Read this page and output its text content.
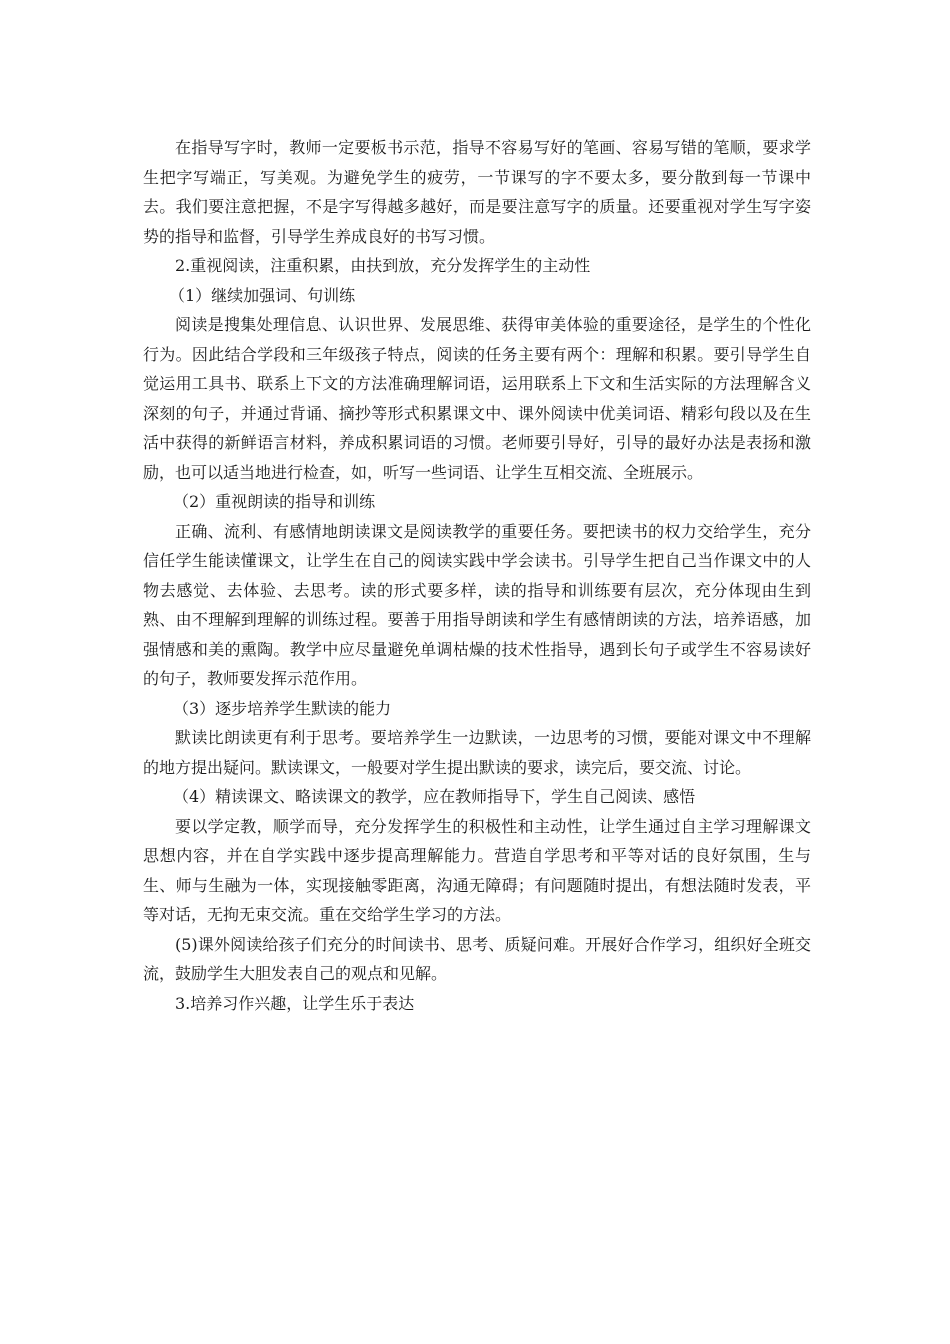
在指导写字时，教师一定要板书示范，指导不容易写好的笔画、容易写错的笔顺，要求学生把字写端正，写美观。为避免学生的疲劳，一节课写的字不要太多，要分散到每一节课中去。我们要注意把握，不是字写得越多越好，而是要注意写字的质量。还要重视对学生写字姿势的指导和监督，引导学生养成良好的书写习惯。

2.重视阅读，注重积累，由扶到放，充分发挥学生的主动性

（1）继续加强词、句训练

阅读是搜集处理信息、认识世界、发展思维、获得审美体验的重要途径，是学生的个性化行为。因此结合学段和三年级孩子特点，阅读的任务主要有两个：理解和积累。要引导学生自觉运用工具书、联系上下文的方法准确理解词语，运用联系上下文和生活实际的方法理解含义深刻的句子，并通过背诵、摘抄等形式积累课文中、课外阅读中优美词语、精彩句段以及在生活中获得的新鲜语言材料，养成积累词语的习惯。老师要引导好，引导的最好办法是表扬和激励，也可以适当地进行检查，如，听写一些词语、让学生互相交流、全班展示。

（2）重视朗读的指导和训练

正确、流利、有感情地朗读课文是阅读教学的重要任务。要把读书的权力交给学生，充分信任学生能读懂课文，让学生在自己的阅读实践中学会读书。引导学生把自己当作课文中的人物去感觉、去体验、去思考。读的形式要多样，读的指导和训练要有层次，充分体现由生到熟、由不理解到理解的训练过程。要善于用指导朗读和学生有感情朗读的方法，培养语感，加强情感和美的熏陶。教学中应尽量避免单调枯燥的技术性指导，遇到长句子或学生不容易读好的句子，教师要发挥示范作用。

（3）逐步培养学生默读的能力

默读比朗读更有利于思考。要培养学生一边默读，一边思考的习惯，要能对课文中不理解的地方提出疑问。默读课文，一般要对学生提出默读的要求，读完后，要交流、讨论。

（4）精读课文、略读课文的教学，应在教师指导下，学生自己阅读、感悟

要以学定教，顺学而导，充分发挥学生的积极性和主动性，让学生通过自主学习理解课文思想内容，并在自学实践中逐步提高理解能力。营造自学思考和平等对话的良好氛围，生与生、师与生融为一体，实现接触零距离，沟通无障碍；有问题随时提出，有想法随时发表，平等对话，无拘无束交流。重在交给学生学习的方法。

(5)课外阅读给孩子们充分的时间读书、思考、质疑问难。开展好合作学习，组织好全班交流，鼓励学生大胆发表自己的观点和见解。

3.培养习作兴趣，让学生乐于表达
